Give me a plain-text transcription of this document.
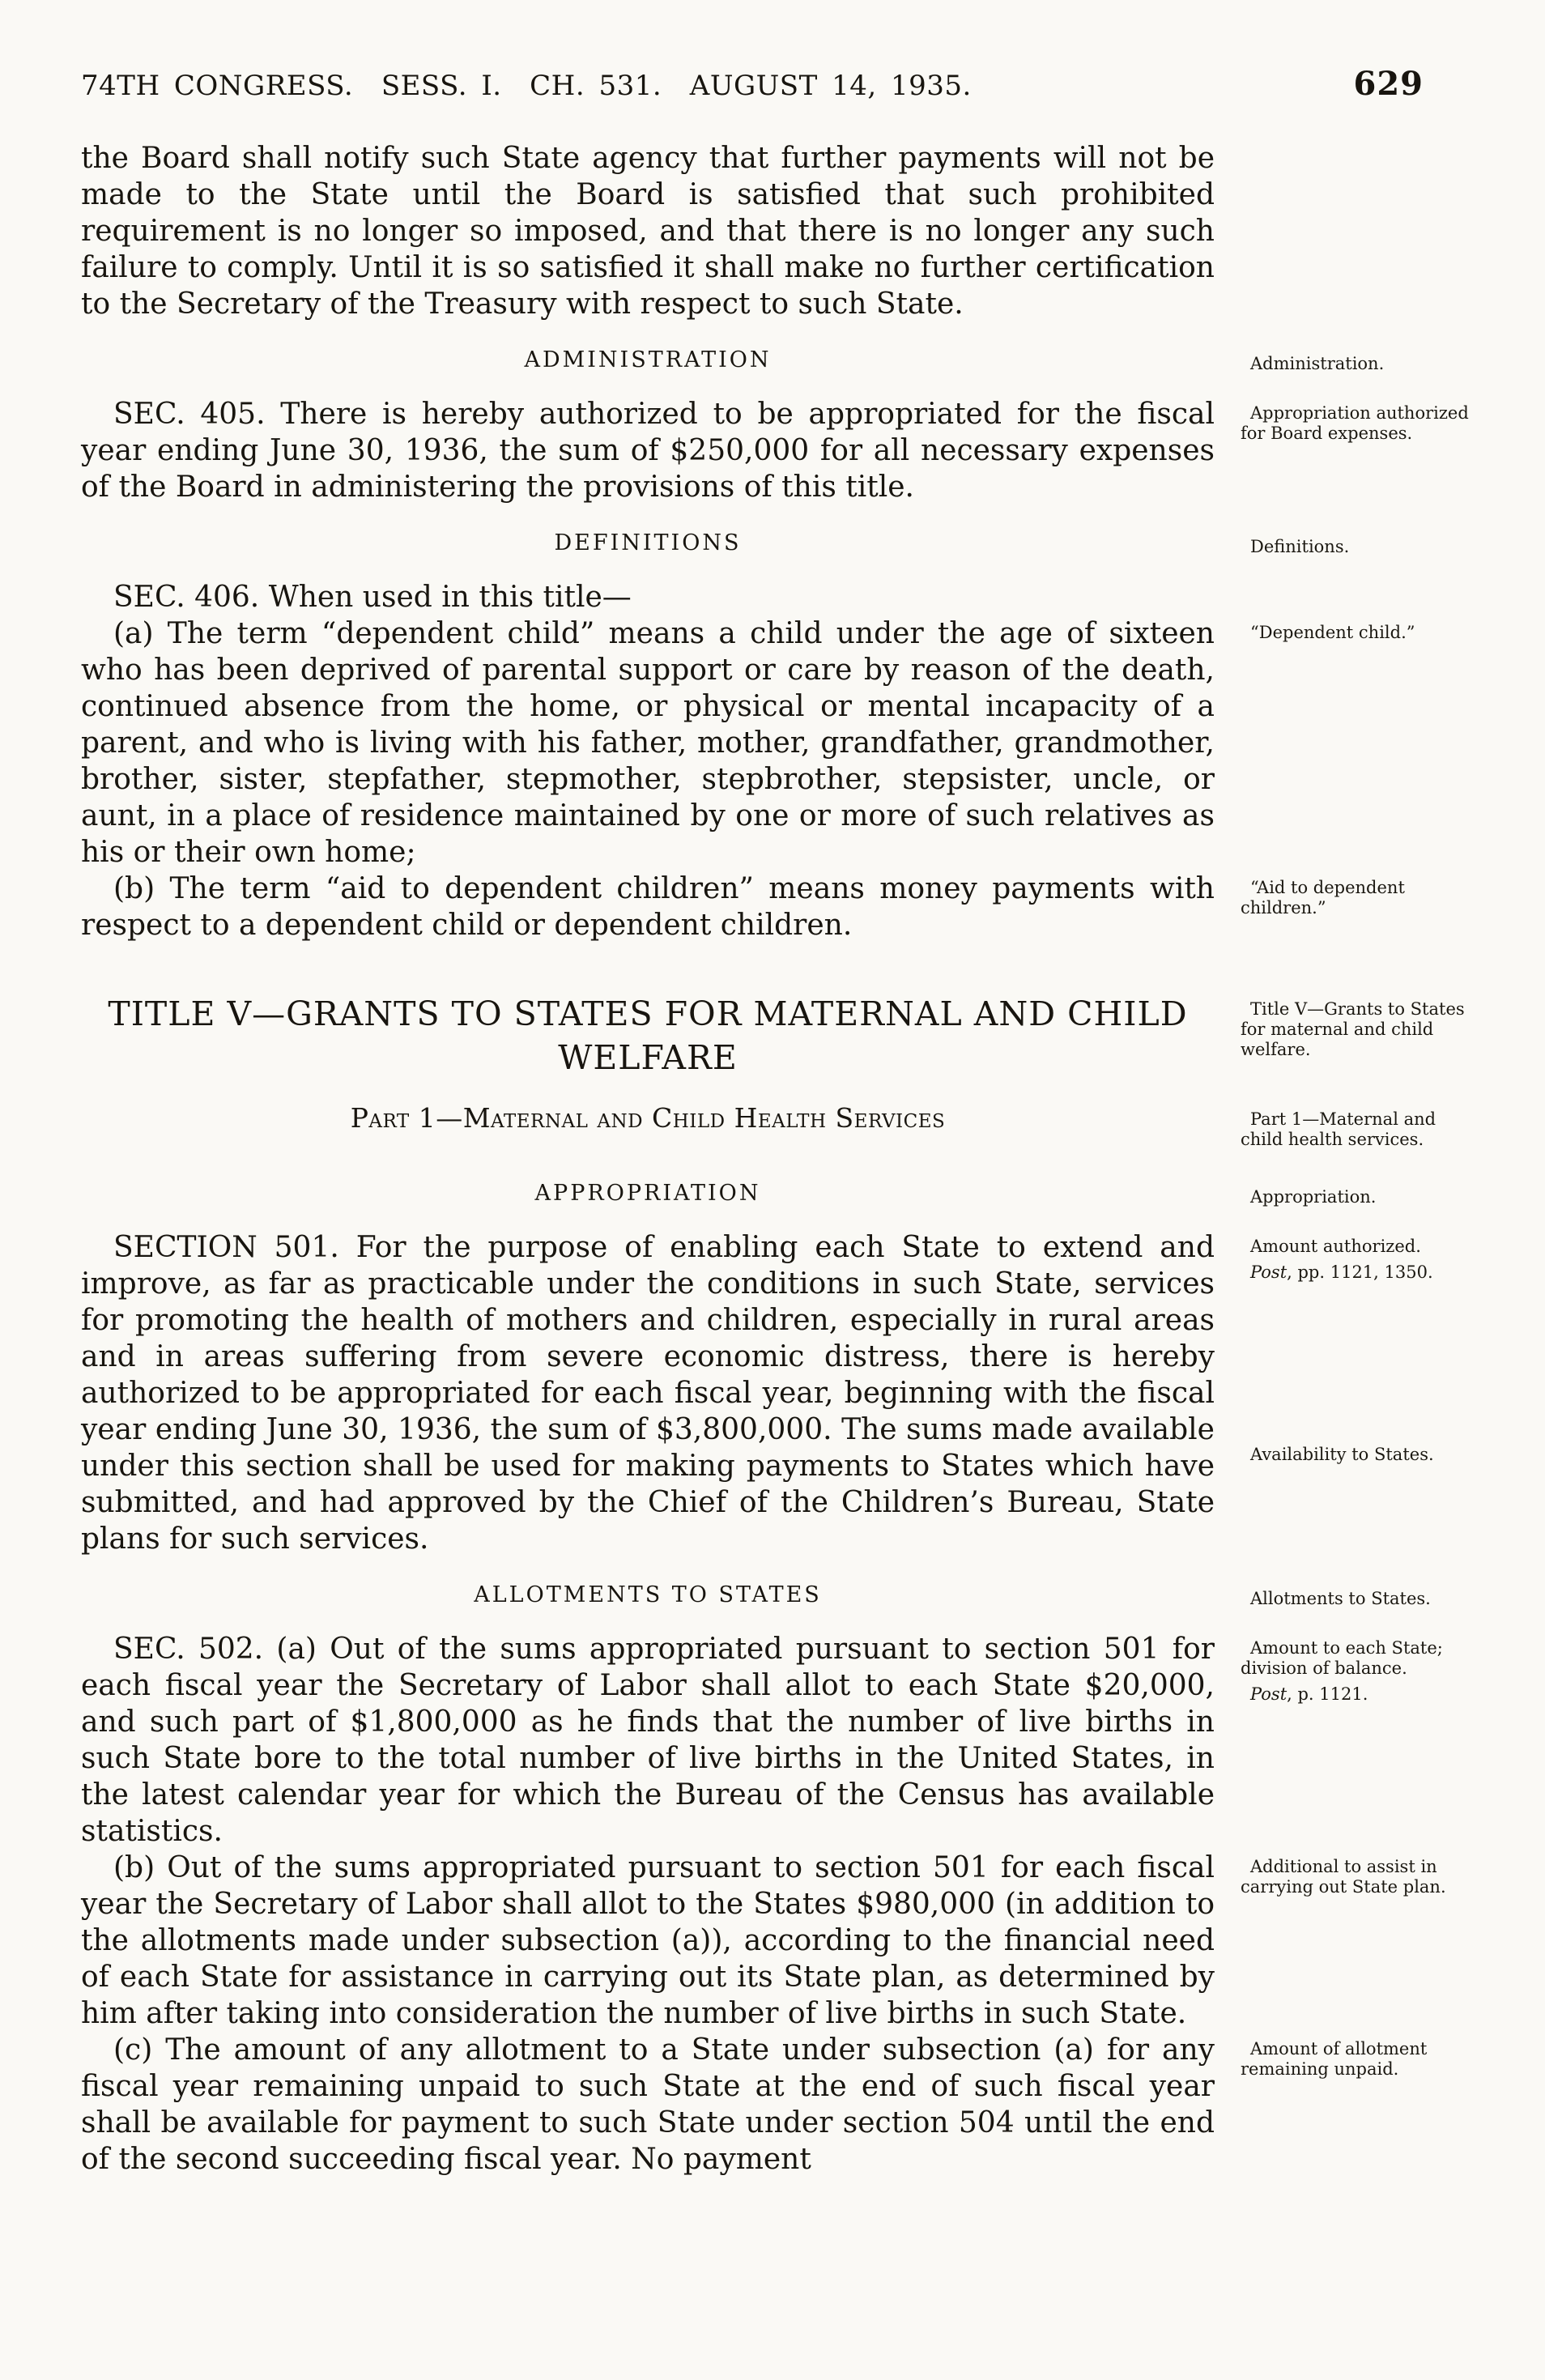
74TH CONGRESS.  SESS. I.  CH. 531.  AUGUST 14, 1935.	629

the Board shall notify such State agency that further payments will not be made to the State until the Board is satisfied that such prohibited requirement is no longer so imposed, and that there is no longer any such failure to comply. Until it is so satisfied it shall make no further certification to the Secretary of the Treasury with respect to such State.

ADMINISTRATION	Administration.

SEC. 405. There is hereby authorized to be appropriated for the fiscal year ending June 30, 1936, the sum of $250,000 for all necessary expenses of the Board in administering the provisions of this title.

Appropriation authorized for Board expenses.

DEFINITIONS	Definitions.

SEC. 406. When used in this title—

(a) The term “dependent child” means a child under the age of sixteen who has been deprived of parental support or care by reason of the death, continued absence from the home, or physical or mental incapacity of a parent, and who is living with his father, mother, grandfather, grandmother, brother, sister, stepfather, stepmother, stepbrother, stepsister, uncle, or aunt, in a place of residence maintained by one or more of such relatives as his or their own home;

“Dependent child.”

(b) The term “aid to dependent children” means money payments with respect to a dependent child or dependent children.

“Aid to dependent children.”

TITLE V—GRANTS TO STATES FOR MATERNAL AND CHILD WELFARE

Title V—Grants to States for maternal and child welfare.

Part 1—Maternal and Child Health Services	Part 1—Maternal and child health services.

APPROPRIATION	Appropriation.

SECTION 501. For the purpose of enabling each State to extend and improve, as far as practicable under the conditions in such State, services for promoting the health of mothers and children, especially in rural areas and in areas suffering from severe economic distress, there is hereby authorized to be appropriated for each fiscal year, beginning with the fiscal year ending June 30, 1936, the sum of $3,800,000. The sums made available under this section shall be used for making payments to States which have submitted, and had approved by the Chief of the Children’s Bureau, State plans for such services.

Amount authorized.

Post, pp. 1121, 1350.

Availability to States.

ALLOTMENTS TO STATES	Allotments to States.

SEC. 502. (a) Out of the sums appropriated pursuant to section 501 for each fiscal year the Secretary of Labor shall allot to each State $20,000, and such part of $1,800,000 as he finds that the number of live births in such State bore to the total number of live births in the United States, in the latest calendar year for which the Bureau of the Census has available statistics.

Amount to each State; division of balance.

Post, p. 1121.

(b) Out of the sums appropriated pursuant to section 501 for each fiscal year the Secretary of Labor shall allot to the States $980,000 (in addition to the allotments made under subsection (a)), according to the financial need of each State for assistance in carrying out its State plan, as determined by him after taking into consideration the number of live births in such State.

Additional to assist in carrying out State plan.

(c) The amount of any allotment to a State under subsection (a) for any fiscal year remaining unpaid to such State at the end of such fiscal year shall be available for payment to such State under section 504 until the end of the second succeeding fiscal year. No payment

Amount of allotment remaining unpaid.
